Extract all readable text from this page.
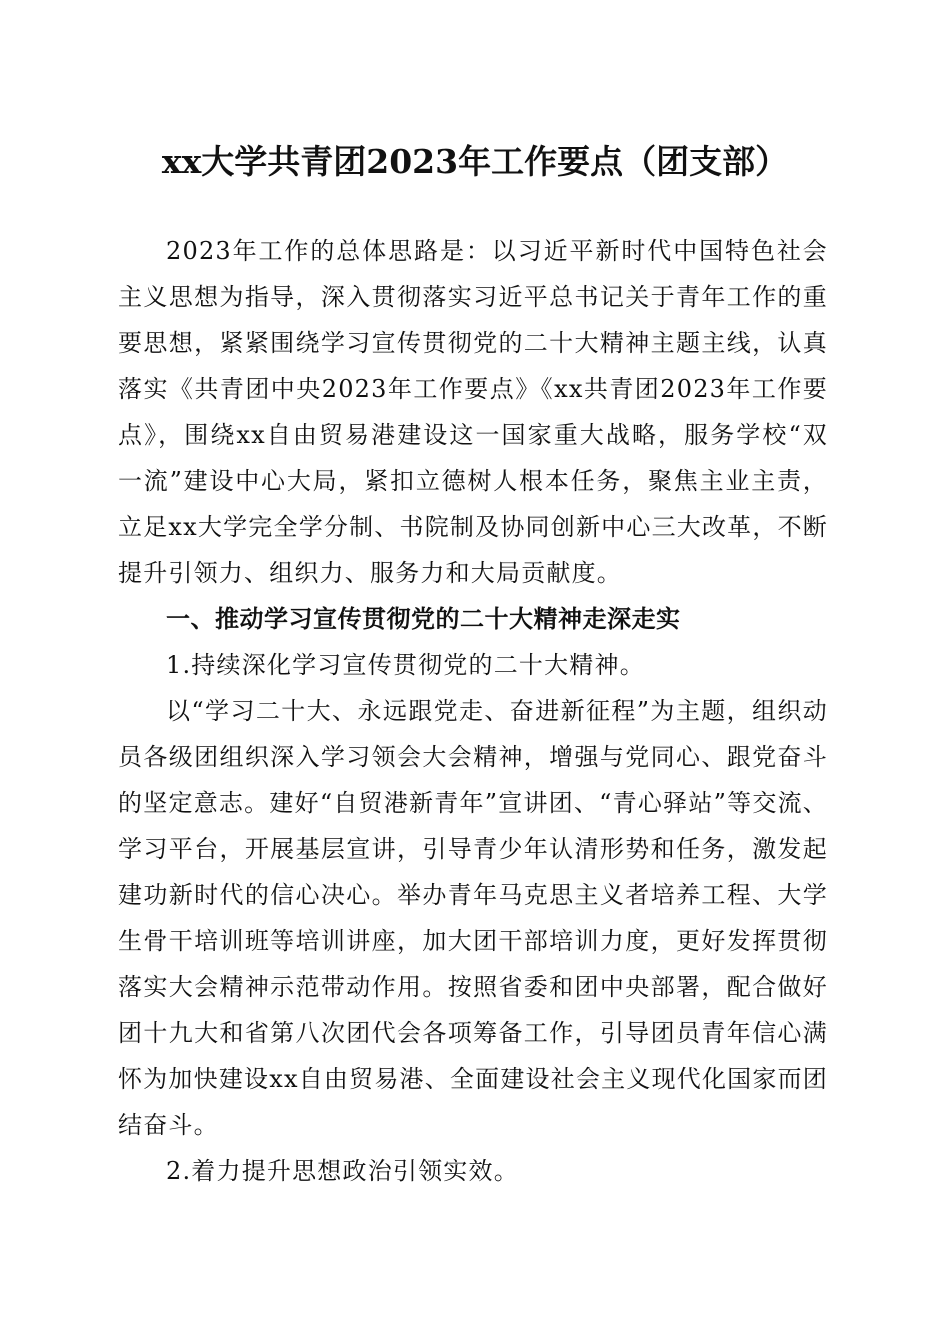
xx大学共青团2023年工作要点（团支部）

2023年工作的总体思路是：以习近平新时代中国特色社会主义思想为指导，深入贯彻落实习近平总书记关于青年工作的重要思想，紧紧围绕学习宣传贯彻党的二十大精神主题主线，认真落实《共青团中央2023年工作要点》《xx共青团2023年工作要点》，围绕xx自由贸易港建设这一国家重大战略，服务学校“双一流”建设中心大局，紧扣立德树人根本任务，聚焦主业主责，立足xx大学完全学分制、书院制及协同创新中心三大改革，不断提升引领力、组织力、服务力和大局贡献度。

一、推动学习宣传贯彻党的二十大精神走深走实

1.持续深化学习宣传贯彻党的二十大精神。

以“学习二十大、永远跟党走、奋进新征程”为主题，组织动员各级团组织深入学习领会大会精神，增强与党同心、跟党奋斗的坚定意志。建好“自贸港新青年”宣讲团、“青心驿站”等交流、学习平台，开展基层宣讲，引导青少年认清形势和任务，激发起建功新时代的信心决心。举办青年马克思主义者培养工程、大学生骨干培训班等培训讲座，加大团干部培训力度，更好发挥贯彻落实大会精神示范带动作用。按照省委和团中央部署，配合做好团十九大和省第八次团代会各项筹备工作，引导团员青年信心满怀为加快建设xx自由贸易港、全面建设社会主义现代化国家而团结奋斗。

2.着力提升思想政治引领实效。
